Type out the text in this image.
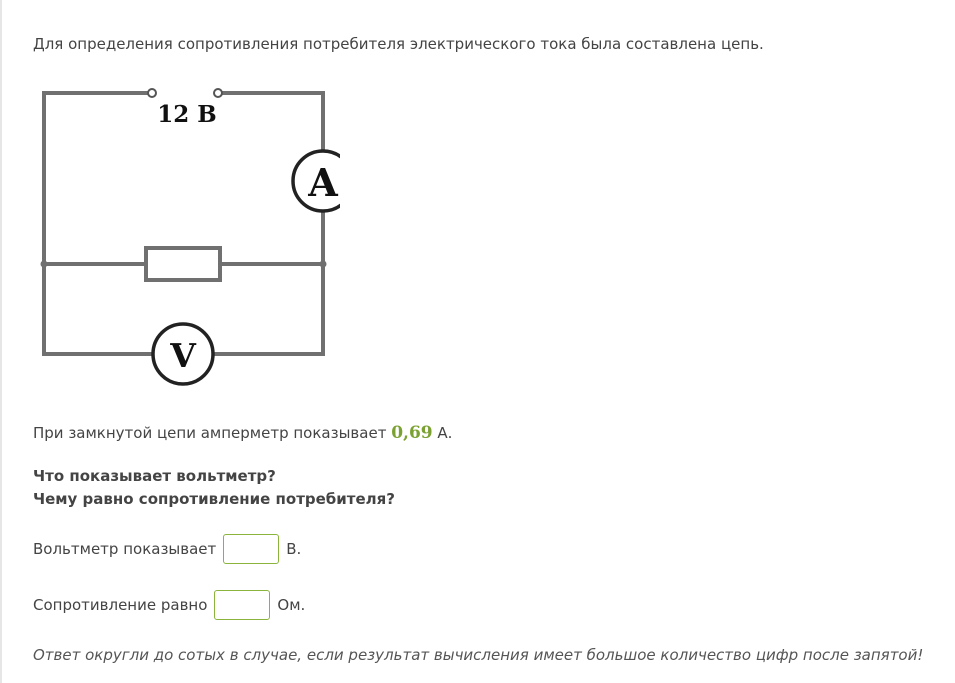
Для определения сопротивления потребителя электрического тока была составлена цепь.
A
V
12 В
При замкнутой цепи амперметр показывает 0,69 А.
Что показывает вольтметр?
Чему равно сопротивление потребителя?
Вольтметр показывает	В.
Сопротивление равно	Ом.
Ответ округли до сотых в случае, если результат вычисления имеет большое количество цифр после запятой!
